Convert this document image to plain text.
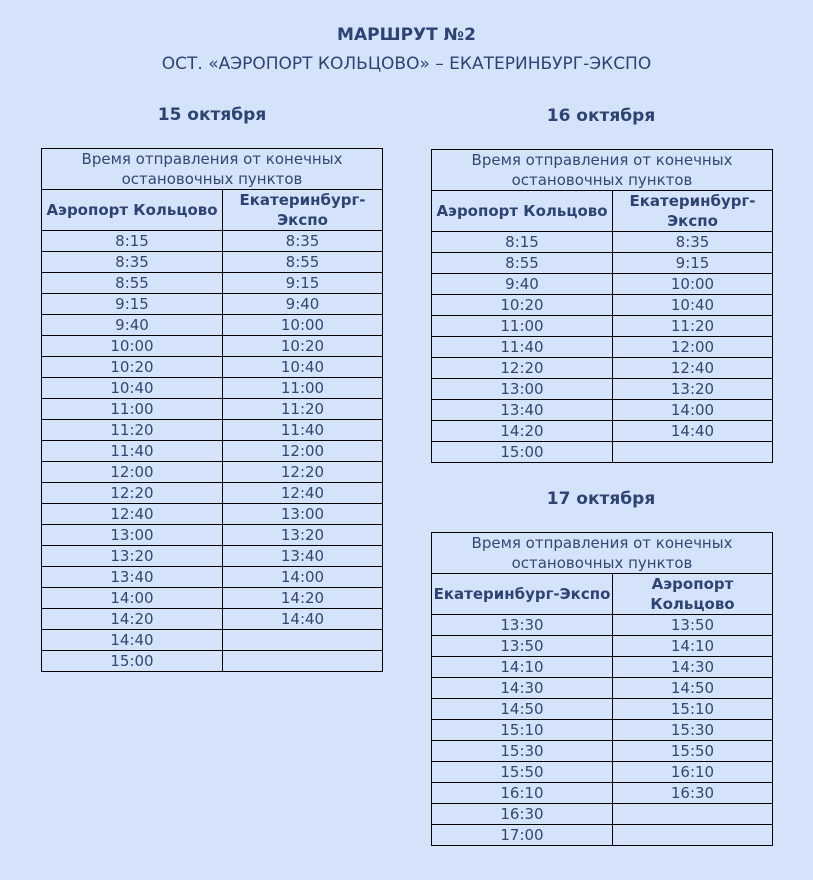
МАРШРУТ №2
ОСТ. «АЭРОПОРТ КОЛЬЦОВО» – ЕКАТЕРИНБУРГ-ЭКСПО
15 октября
Время отправления от конечных остановочных пунктов	
Аэропорт Кольцово	Екатеринбург-Экспо
8:15	8:35
8:35	8:55
8:55	9:15
9:15	9:40
9:40	10:00
10:00	10:20
10:20	10:40
10:40	11:00
11:00	11:20
11:20	11:40
11:40	12:00
12:00	12:20
12:20	12:40
12:40	13:00
13:00	13:20
13:20	13:40
13:40	14:00
14:00	14:20
14:20	14:40
14:40	
15:00	
16 октября
Время отправления от конечных остановочных пунктов	
Аэропорт Кольцово	Екатеринбург-Экспо
8:15	8:35
8:55	9:15
9:40	10:00
10:20	10:40
11:00	11:20
11:40	12:00
12:20	12:40
13:00	13:20
13:40	14:00
14:20	14:40
15:00	
17 октября
Время отправления от конечных остановочных пунктов	
Екатеринбург-Экспо	Аэропорт Кольцово
13:30	13:50
13:50	14:10
14:10	14:30
14:30	14:50
14:50	15:10
15:10	15:30
15:30	15:50
15:50	16:10
16:10	16:30
16:30	
17:00	
